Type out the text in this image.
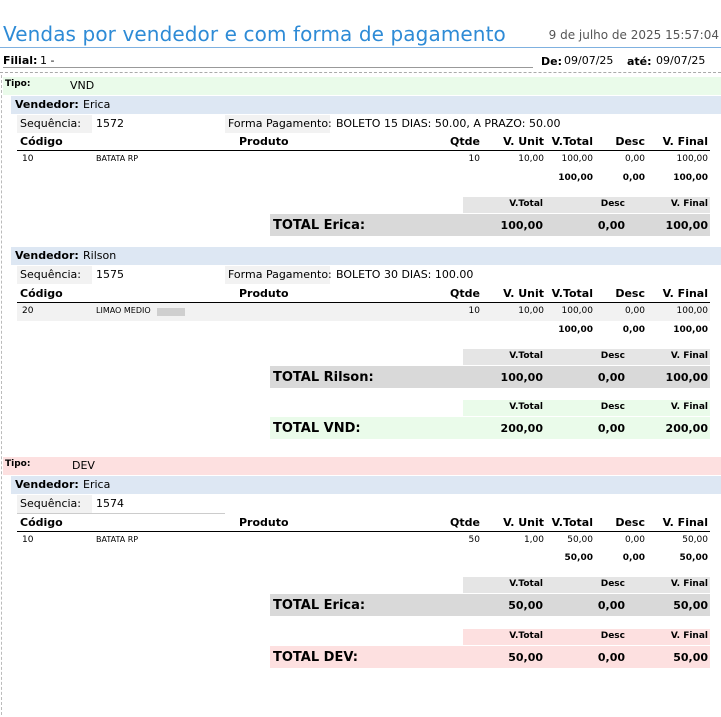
Vendas por vendedor e com forma de pagamento	9 de julho de 2025 15:57:04
Filial: 1 -	De: 09/07/25 até: 09/07/25
Tipo:	VND
Vendedor: Erica
Sequência: 1572	Forma Pagamento: BOLETO 15 DIAS: 50.00, A PRAZO: 50.00
Código	Produto	Qtde	V. Unit V.Total	Desc	V. Final
10	BATATA RP	10	10,00	100,00	0,00	100,00
100,00	0,00	100,00
V.Total	Desc	V. Final
TOTAL Erica:	100,00	0,00	100,00
Vendedor: Rilson
Sequência: 1575	Forma Pagamento: BOLETO 30 DIAS: 100.00
Código	Produto	Qtde	V. Unit V.Total	Desc	V. Final
20	LIMAO MEDIO	10	10,00	100,00	0,00	100,00
100,00	0,00	100,00
V.Total	Desc	V. Final
TOTAL Rilson:	100,00	0,00	100,00
V.Total	Desc	V. Final
TOTAL VND:	200,00	0,00	200,00
Tipo:	DEV
Vendedor: Erica
Sequência: 1574
Código	Produto	Qtde	V. Unit V.Total	Desc	V. Final
10	BATATA RP	50	1,00	50,00	0,00	50,00
50,00	0,00	50,00
V.Total	Desc	V. Final
TOTAL Erica:	50,00	0,00	50,00
V.Total	Desc	V. Final
TOTAL DEV:	50,00	0,00	50,00
